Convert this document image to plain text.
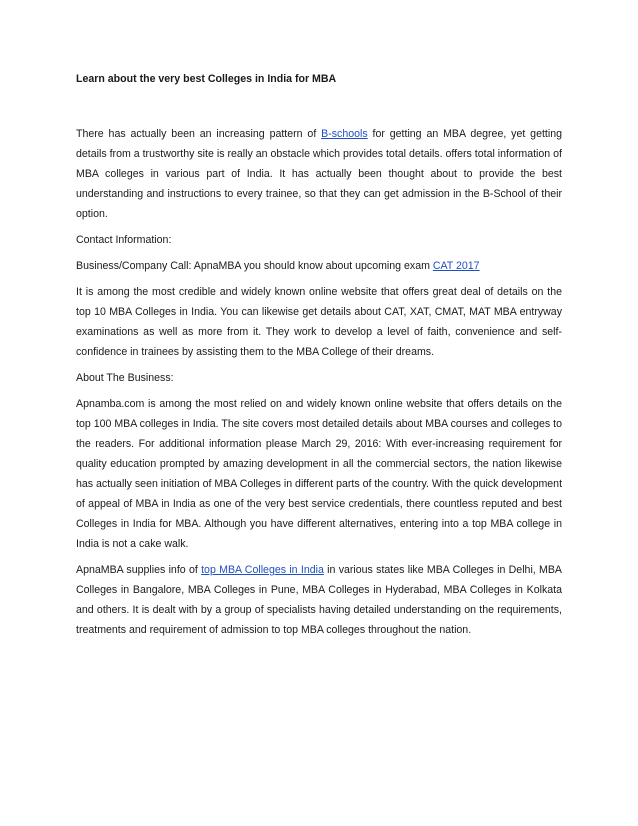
Learn about the very best Colleges in India for MBA

There has actually been an increasing pattern of B-schools for getting an MBA degree, yet getting details from a trustworthy site is really an obstacle which provides total details. offers total information of MBA colleges in various part of India. It has actually been thought about to provide the best understanding and instructions to every trainee, so that they can get admission in the B-School of their option.

Contact Information:

Business/Company Call: ApnaMBA you should know about upcoming exam CAT 2017

It is among the most credible and widely known online website that offers great deal of details on the top 10 MBA Colleges in India. You can likewise get details about CAT, XAT, CMAT, MAT MBA entryway examinations as well as more from it. They work to develop a level of faith, convenience and self-confidence in trainees by assisting them to the MBA College of their dreams.

About The Business:

Apnamba.com is among the most relied on and widely known online website that offers details on the top 100 MBA colleges in India. The site covers most detailed details about MBA courses and colleges to the readers. For additional information please March 29, 2016: With ever-increasing requirement for quality education prompted by amazing development in all the commercial sectors, the nation likewise has actually seen initiation of MBA Colleges in different parts of the country. With the quick development of appeal of MBA in India as one of the very best service credentials, there countless reputed and best Colleges in India for MBA. Although you have different alternatives, entering into a top MBA college in India is not a cake walk.

ApnaMBA supplies info of top MBA Colleges in India in various states like MBA Colleges in Delhi, MBA Colleges in Bangalore, MBA Colleges in Pune, MBA Colleges in Hyderabad, MBA Colleges in Kolkata and others. It is dealt with by a group of specialists having detailed understanding on the requirements, treatments and requirement of admission to top MBA colleges throughout the nation.
